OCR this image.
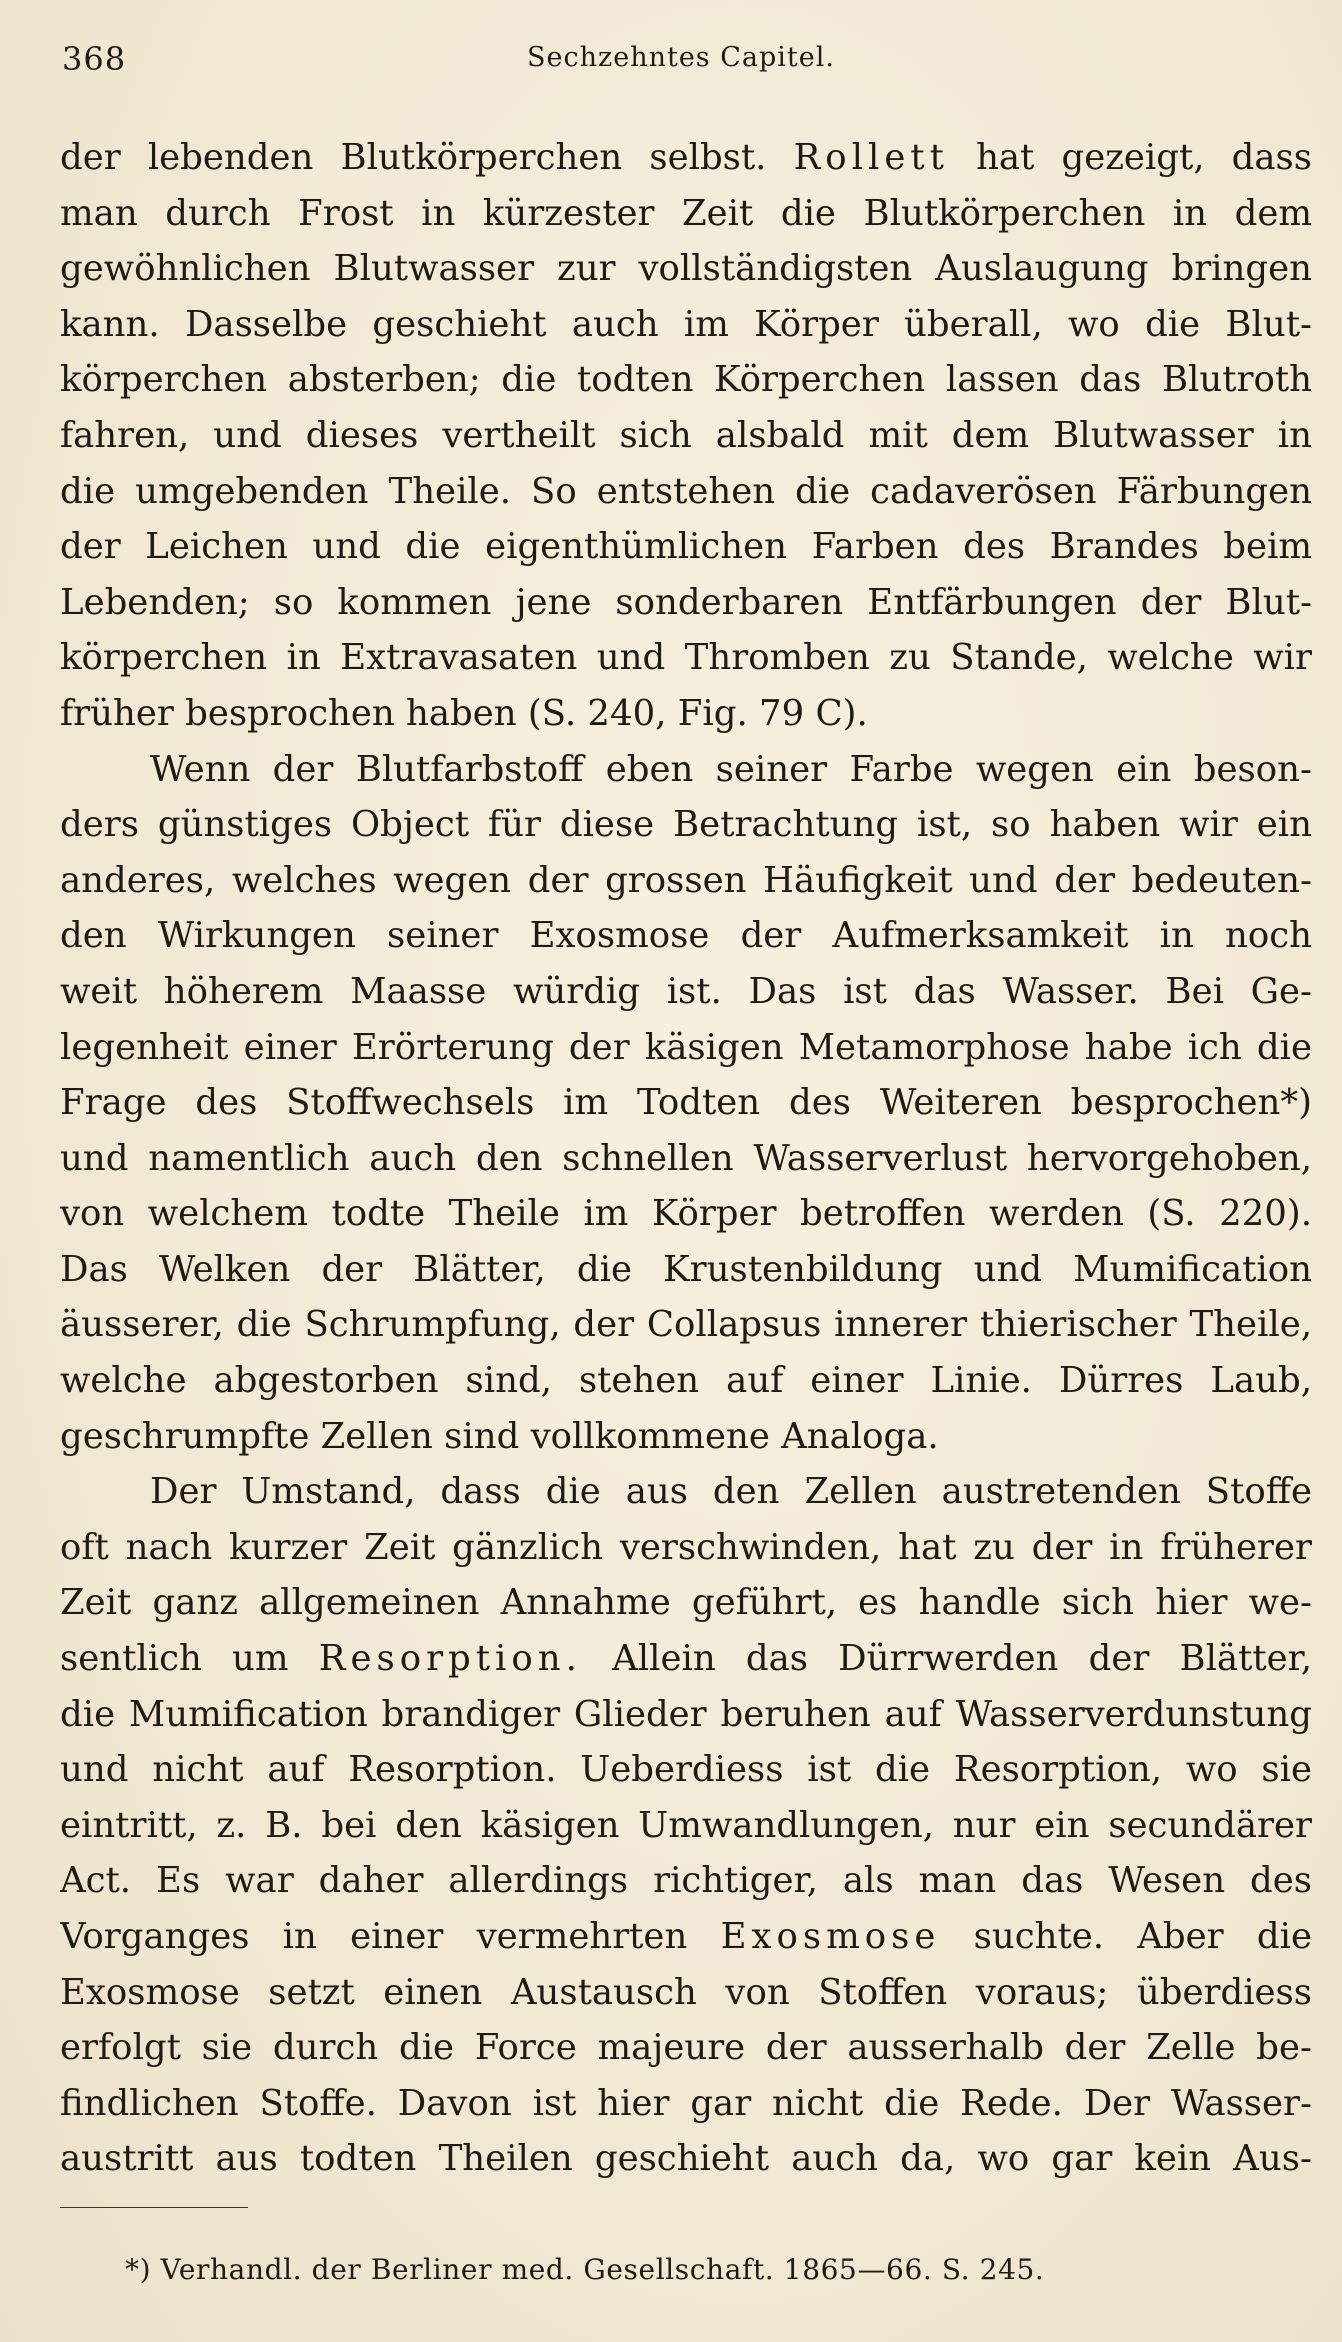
368	Sechzehntes Capitel.
der lebenden Blutkörperchen selbst. Rollett hat gezeigt, dass
man durch Frost in kürzester Zeit die Blutkörperchen in dem
gewöhnlichen Blutwasser zur vollständigsten Auslaugung bringen
kann. Dasselbe geschieht auch im Körper überall, wo die Blut-
körperchen absterben; die todten Körperchen lassen das Blutroth
fahren, und dieses vertheilt sich alsbald mit dem Blutwasser in
die umgebenden Theile. So entstehen die cadaverösen Färbungen
der Leichen und die eigenthümlichen Farben des Brandes beim
Lebenden; so kommen jene sonderbaren Entfärbungen der Blut-
körperchen in Extravasaten und Thromben zu Stande, welche wir
früher besprochen haben (S. 240, Fig. 79 C).
Wenn der Blutfarbstoff eben seiner Farbe wegen ein beson-
ders günstiges Object für diese Betrachtung ist, so haben wir ein
anderes, welches wegen der grossen Häufigkeit und der bedeuten-
den Wirkungen seiner Exosmose der Aufmerksamkeit in noch
weit höherem Maasse würdig ist. Das ist das Wasser. Bei Ge-
legenheit einer Erörterung der käsigen Metamorphose habe ich die
Frage des Stoffwechsels im Todten des Weiteren besprochen*)
und namentlich auch den schnellen Wasserverlust hervorgehoben,
von welchem todte Theile im Körper betroffen werden (S. 220).
Das Welken der Blätter, die Krustenbildung und Mumification
äusserer, die Schrumpfung, der Collapsus innerer thierischer Theile,
welche abgestorben sind, stehen auf einer Linie. Dürres Laub,
geschrumpfte Zellen sind vollkommene Analoga.
Der Umstand, dass die aus den Zellen austretenden Stoffe
oft nach kurzer Zeit gänzlich verschwinden, hat zu der in früherer
Zeit ganz allgemeinen Annahme geführt, es handle sich hier we-
sentlich um Resorption. Allein das Dürrwerden der Blätter,
die Mumification brandiger Glieder beruhen auf Wasserverdunstung
und nicht auf Resorption. Ueberdiess ist die Resorption, wo sie
eintritt, z. B. bei den käsigen Umwandlungen, nur ein secundärer
Act. Es war daher allerdings richtiger, als man das Wesen des
Vorganges in einer vermehrten Exosmose suchte. Aber die
Exosmose setzt einen Austausch von Stoffen voraus; überdiess
erfolgt sie durch die Force majeure der ausserhalb der Zelle be-
findlichen Stoffe. Davon ist hier gar nicht die Rede. Der Wasser-
austritt aus todten Theilen geschieht auch da, wo gar kein Aus-
*) Verhandl. der Berliner med. Gesellschaft. 1865—66. S. 245.
